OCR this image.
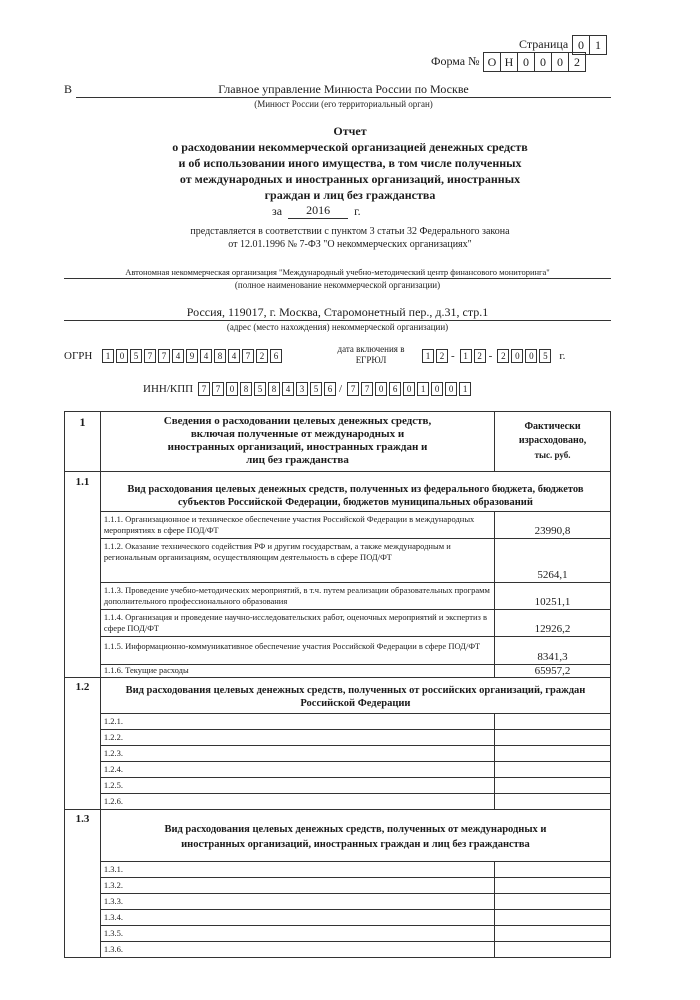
Страница 0 1
Форма № О Н 0 0 0 2
В	Главное управление Минюста России по Москве
(Минюст России (его территориальный орган)
Отчет
о расходовании некоммерческой организацией денежных средств
и об использовании иного имущества, в том числе полученных
от международных и иностранных организаций, иностранных
граждан и лиц без гражданства
за	2016	г.
представляется в соответствии с пунктом 3 статьи 32 Федерального закона
от 12.01.1996 № 7-ФЗ "О некоммерческих организациях"
Автономная некоммерческая организация "Международный учебно-методический центр финансового мониторинга"
(полное наименование некоммерческой организации)
Россия, 119017, г. Москва, Старомонетный пер., д.31, стр.1
(адрес (место нахождения) некоммерческой организации)
ОГРН	1	0	5	7	7	4	9	4	8	4	7	2	6
дата включения в
ЕГРЮЛ	1	2 - 1	2 - 2	0	0	5	г.
ИНН/КПП 7	7	0	8	5	8	4	3	5	6 / 7	7	0	6	0	1	0	0	1
1	Сведения о расходовании целевых денежных средств, включая полученные от международных и иностранных организаций, иностранных граждан и лиц без гражданства	Фактически израсходовано,
тыс. руб.

1.1	Вид расходования целевых денежных средств, полученных из федерального бюджета, бюджетов субъектов Российской Федерации, бюджетов муниципальных образований	
	1.1.1. Организационное и техническое обеспечение участия Российской Федерации в международных мероприятиях в сфере ПОД/ФТ	23990,8
	1.1.2. Оказание технического содействия РФ и другим государствам, а также международным и региональным организациям, осуществляющим деятельность в сфере ПОД/ФТ	5264,1
	1.1.3. Проведение учебно-методических мероприятий, в т.ч. путем реализации образовательных программ дополнительного профессионального образования	10251,1
	1.1.4. Организация и проведение научно-исследовательских работ, оценочных мероприятий и экспертиз в сфере ПОД/ФТ	12926,2
	1.1.5. Информационно-коммуникативное обеспечение участия Российской Федерации в сфере ПОД/ФТ	8341,3
	1.1.6. Текущие расходы	65957,2
1.2	Вид расходования целевых денежных средств, полученных от российских организаций, граждан Российской Федерации	
	1.2.1.	
	1.2.2.	
	1.2.3.	
	1.2.4.	
	1.2.5.	
	1.2.6.	
1.3	Вид расходования целевых денежных средств, полученных от международных и иностранных организаций, иностранных граждан и лиц без гражданства	
	1.3.1.	
	1.3.2.	
	1.3.3.	
	1.3.4.	
	1.3.5.	
	1.3.6.	
